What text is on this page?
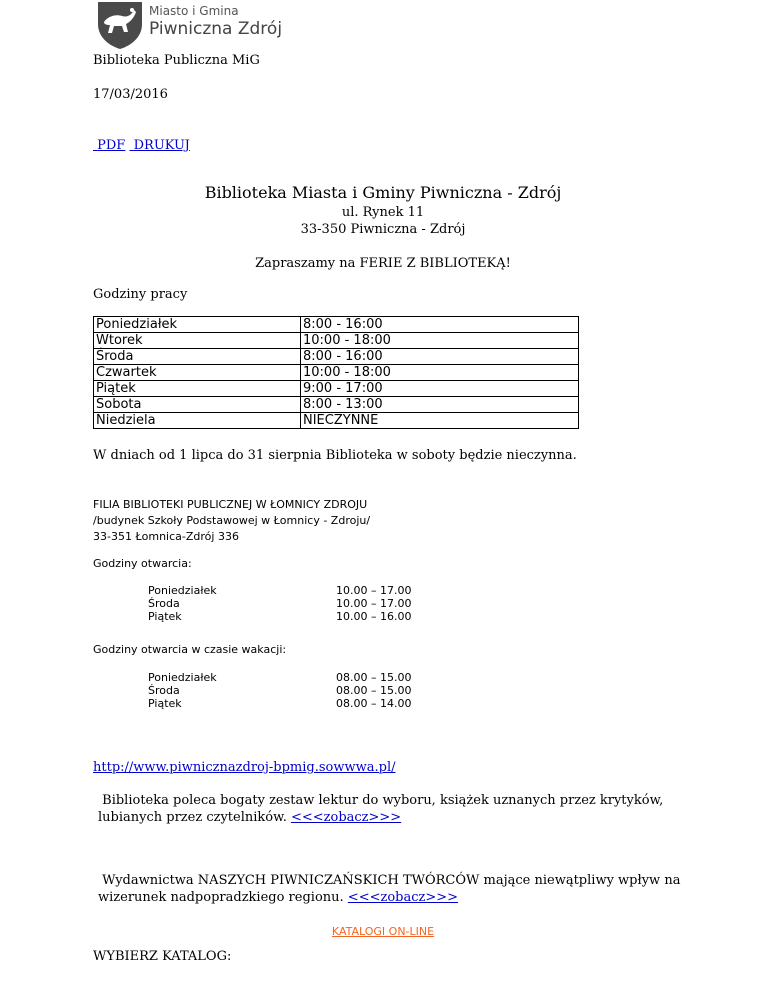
Miasto i Gmina
Piwniczna Zdrój
Biblioteka Publiczna MiG
17/03/2016
PDF DRUKUJ
Biblioteka Miasta i Gminy Piwniczna - Zdrój
ul. Rynek 11
33-350 Piwniczna - Zdrój
Zapraszamy na FERIE Z BIBLIOTEKĄ!
Godziny pracy
Poniedziałek	8:00 - 16:00
Wtorek	10:00 - 18:00
Środa	8:00 - 16:00
Czwartek	10:00 - 18:00
Piątek	9:00 - 17:00
Sobota	8:00 - 13:00
Niedziela	NIECZYNNE
W dniach od 1 lipca do 31 sierpnia Biblioteka w soboty będzie nieczynna.
FILIA BIBLIOTEKI PUBLICZNEJ W ŁOMNICY ZDROJU
/budynek Szkoły Podstawowej w Łomnicy - Zdroju/
33-351 Łomnica-Zdrój 336
Godziny otwarcia:
Poniedziałek	10.00 – 17.00
Środa	10.00 – 17.00
Piątek	10.00 – 16.00
Godziny otwarcia w czasie wakacji:
Poniedziałek	08.00 – 15.00
Środa	08.00 – 15.00
Piątek	08.00 – 14.00
http://www.piwnicznazdroj-bpmig.sowwwa.pl/
Biblioteka poleca bogaty zestaw lektur do wyboru, książek uznanych przez krytyków, lubianych przez czytelników. <<<zobacz>>>
Wydawnictwa NASZYCH PIWNICZAŃSKICH TWÓRCÓW mające niewątpliwy wpływ na wizerunek nadpopradzkiego regionu. <<<zobacz>>>
KATALOGI ON-LINE
WYBIERZ KATALOG:
